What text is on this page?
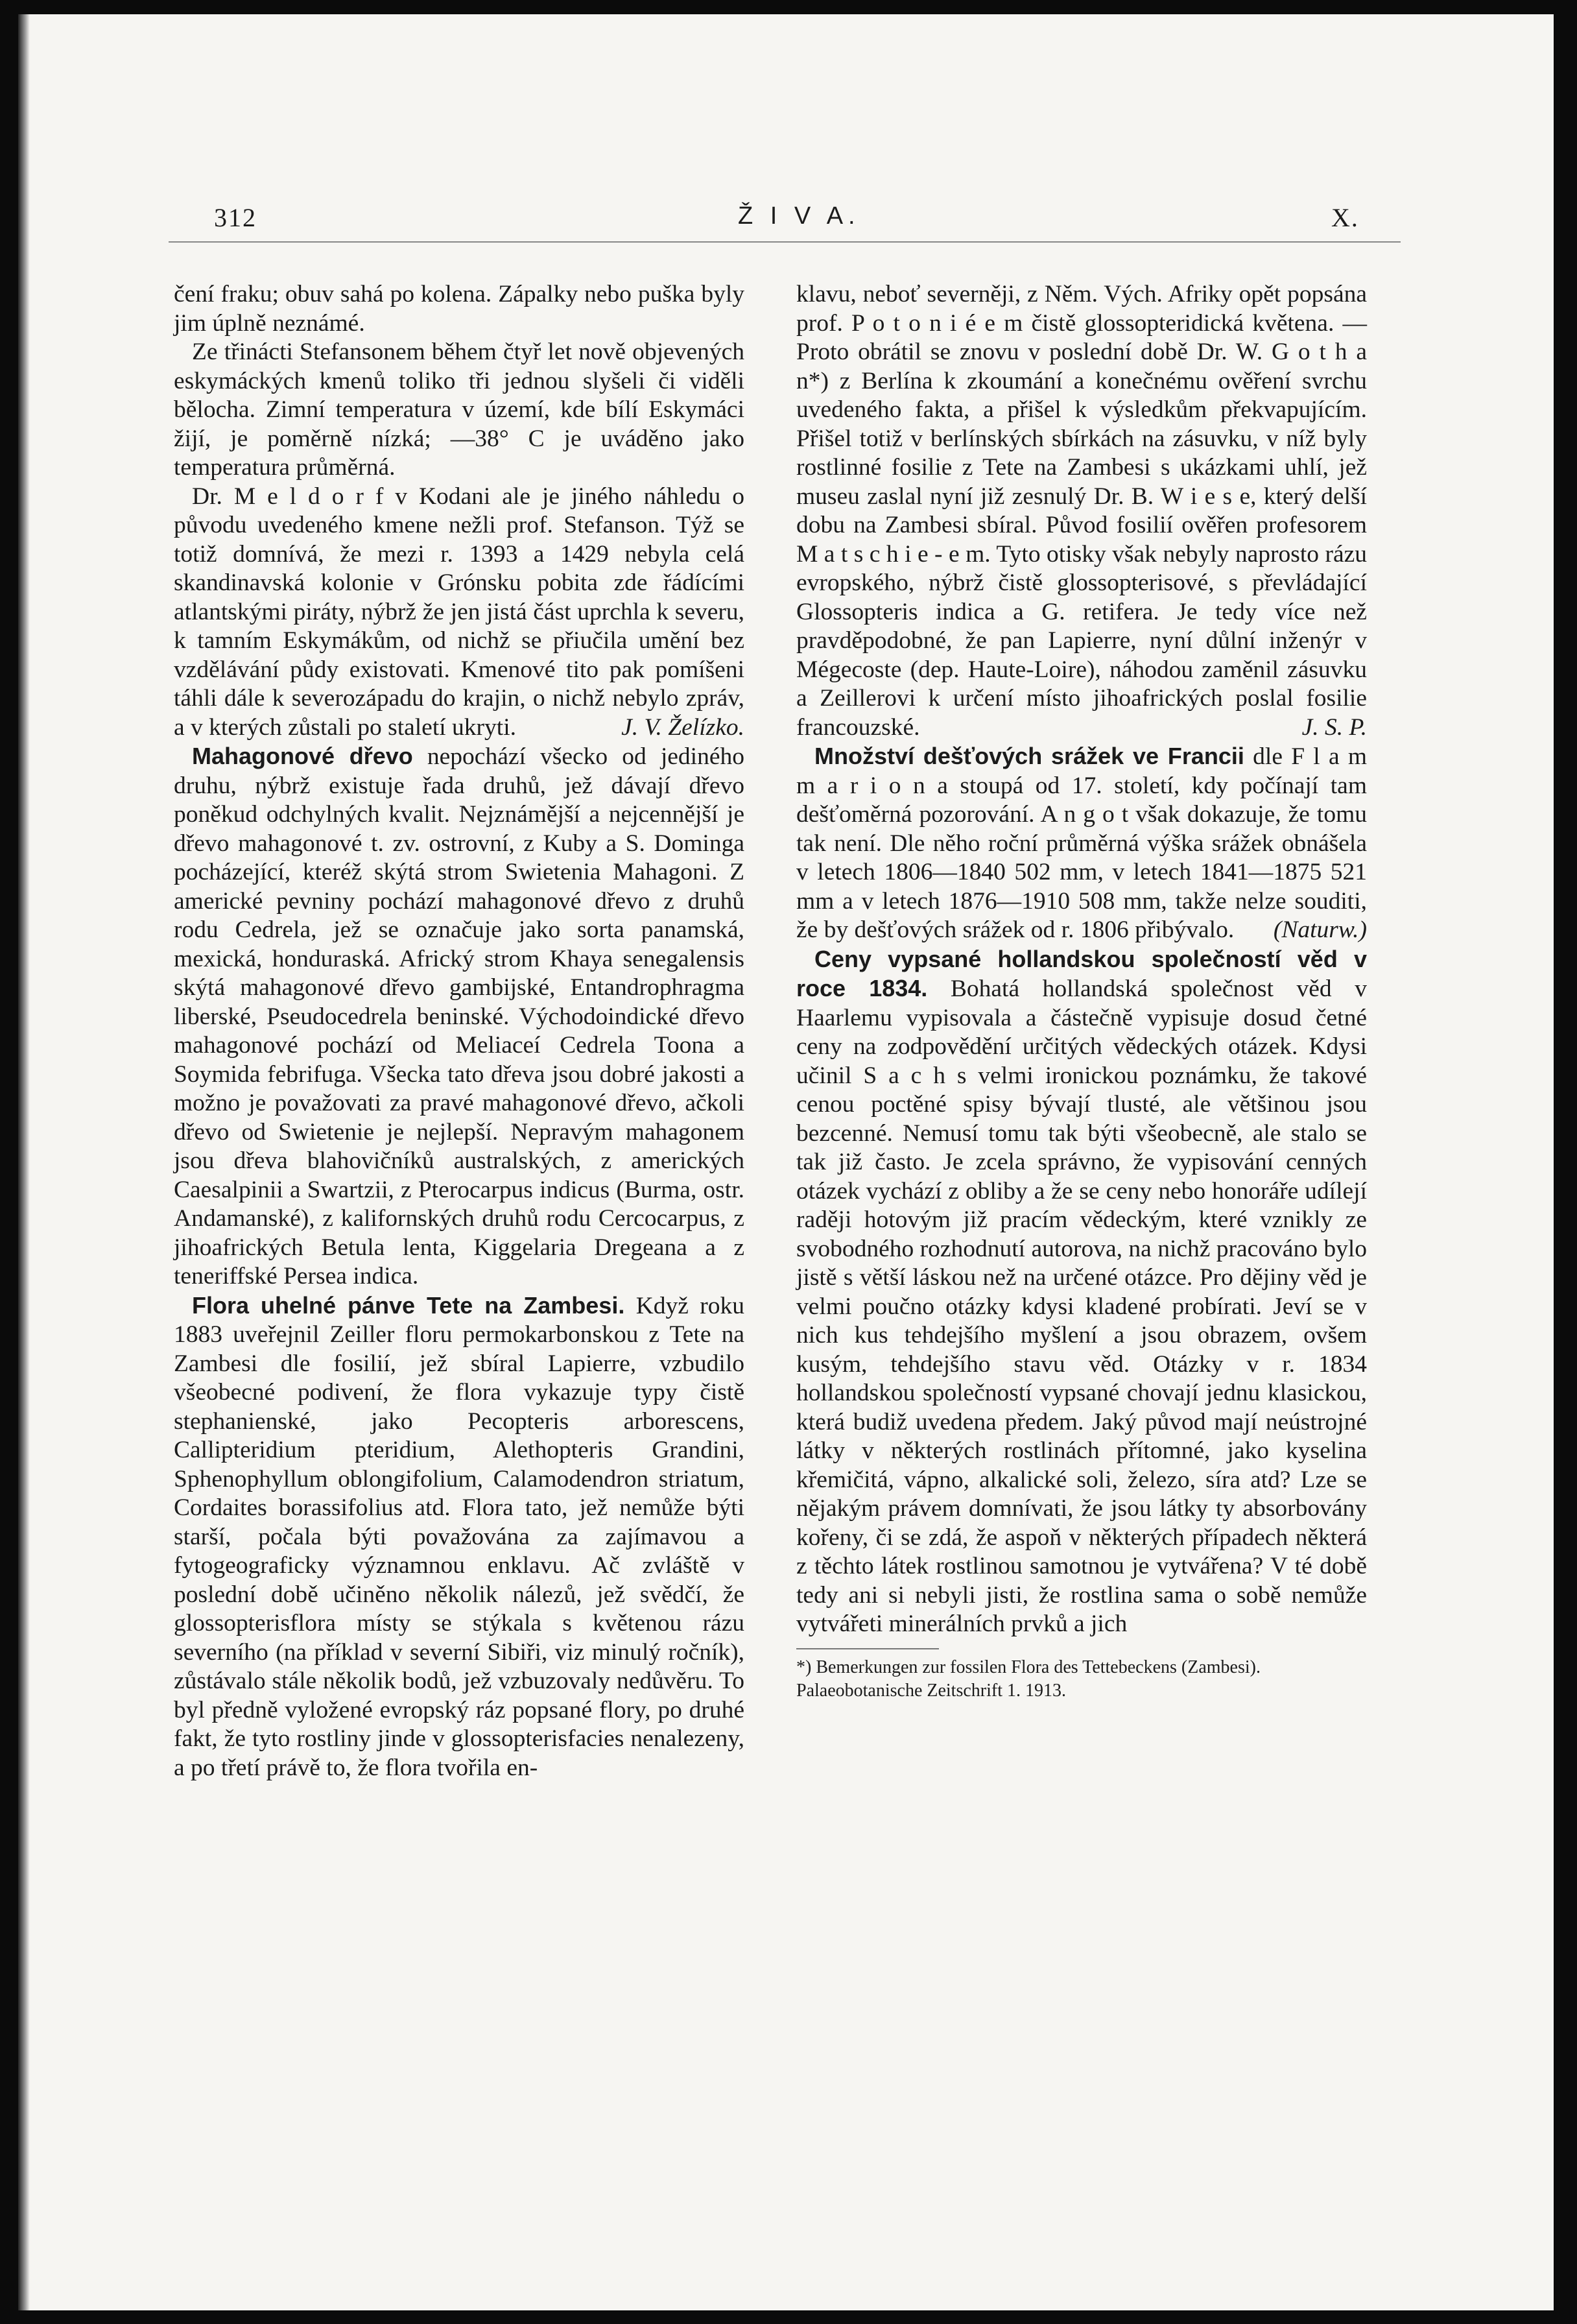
312	Ž I V A.	X.

čení fraku; obuv sahá po kolena. Zápalky nebo puška byly jim úplně neznámé.

Ze třinácti Stefansonem během čtyř let nově objevených eskymáckých kmenů toliko tři jednou slyšeli či viděli bělocha. Zimní temperatura v území, kde bílí Eskymáci žijí, je poměrně nízká; —38° C je uváděno jako temperatura průměrná.

Dr. M e l d o r f v Kodani ale je jiného náhledu o původu uvedeného kmene nežli prof. Stefanson. Týž se totiž domnívá, že mezi r. 1393 a 1429 nebyla celá skandinavská kolonie v Grónsku pobita zde řádícími atlantskými piráty, nýbrž že jen jistá část uprchla k severu, k tamním Eskymákům, od nichž se přiučila umění bez vzdělávání půdy existovati. Kmenové tito pak pomíšeni táhli dále k severozápadu do krajin, o nichž nebylo zpráv, a v kterých zůstali po staletí ukryti.	J. V. Želízko.

Mahagonové dřevo nepochází všecko od jediného druhu, nýbrž existuje řada druhů, jež dávají dřevo poněkud odchylných kvalit. Nejznámější a nejcennější je dřevo mahagonové t. zv. ostrovní, z Kuby a S. Dominga pocházející, kteréž skýtá strom Swietenia Mahagoni. Z americké pevniny pochází mahagonové dřevo z druhů rodu Cedrela, jež se označuje jako sorta panamská, mexická, honduraská. Africký strom Khaya senegalensis skýtá mahagonové dřevo gambijské, Entandrophragma liberské, Pseudocedrela beninské. Východoindické dřevo mahagonové pochází od Meliaceí Cedrela Toona a Soymida febrifuga. Všecka tato dřeva jsou dobré jakosti a možno je považovati za pravé mahagonové dřevo, ačkoli dřevo od Swietenie je nejlepší. Nepravým mahagonem jsou dřeva blahovičníků australských, z amerických Caesalpinii a Swartzii, z Pterocarpus indicus (Burma, ostr. Andamanské), z kalifornských druhů rodu Cercocarpus, z jihoafrických Betula lenta, Kiggelaria Dregeana a z teneriffské Persea indica.

Flora uhelné pánve Tete na Zambesi. Když roku 1883 uveřejnil Zeiller floru permokarbonskou z Tete na Zambesi dle fosilií, jež sbíral Lapierre, vzbudilo všeobecné podivení, že flora vykazuje typy čistě stephanienské, jako Pecopteris arborescens, Callipteridium pteridium, Alethopteris Grandini, Sphenophyllum oblongifolium, Calamodendron striatum, Cordaites borassifolius atd. Flora tato, jež nemůže býti starší, počala býti považována za zajímavou a fytogeograficky významnou enklavu. Ač zvláště v poslední době učiněno několik nálezů, jež svědčí, že glossopterisflora místy se stýkala s květenou rázu severního (na příklad v severní Sibiři, viz minulý ročník), zůstávalo stále několik bodů, jež vzbuzovaly nedůvěru. To byl předně vyložené evropský ráz popsané flory, po druhé fakt, že tyto rostliny jinde v glossopterisfacies nenalezeny, a po třetí právě to, že flora tvořila en-

klavu, neboť severněji, z Něm. Vých. Afriky opět popsána prof. P o t o n i é e m čistě glossopteridická květena. — Proto obrátil se znovu v poslední době Dr. W. G o t h a n*) z Berlína k zkoumání a konečnému ověření svrchu uvedeného fakta, a přišel k výsledkům překvapujícím. Přišel totiž v berlínských sbírkách na zásuvku, v níž byly rostlinné fosilie z Tete na Zambesi s ukázkami uhlí, jež museu zaslal nyní již zesnulý Dr. B. W i e s e, který delší dobu na Zambesi sbíral. Původ fosilií ověřen profesorem M a t s c h i e - e m. Tyto otisky však nebyly naprosto rázu evropského, nýbrž čistě glossopterisové, s převládající Glossopteris indica a G. retifera. Je tedy více než pravděpodobné, že pan Lapierre, nyní důlní inženýr v Mégecoste (dep. Haute-Loire), náhodou zaměnil zásuvku a Zeillerovi k určení místo jihoafrických poslal fosilie francouzské.	J. S. P.

Množství dešťových srážek ve Francii dle F l a m m a r i o n a stoupá od 17. století, kdy počínají tam dešťoměrná pozorování. A n g o t však dokazuje, že tomu tak není. Dle něho roční průměrná výška srážek obnášela v letech 1806—1840 502 mm, v letech 1841—1875 521 mm a v letech 1876—1910 508 mm, takže nelze souditi, že by dešťových srážek od r. 1806 přibývalo.	(Naturw.)

Ceny vypsané hollandskou společností věd v roce 1834. Bohatá hollandská společnost věd v Haarlemu vypisovala a částečně vypisuje dosud četné ceny na zodpovědění určitých vědeckých otázek. Kdysi učinil S a c h s velmi ironickou poznámku, že takové cenou poctěné spisy bývají tlusté, ale většinou jsou bezcenné. Nemusí tomu tak býti všeobecně, ale stalo se tak již často. Je zcela správno, že vypisování cenných otázek vychází z obliby a že se ceny nebo honoráře udílejí raději hotovým již pracím vědeckým, které vznikly ze svobodného rozhodnutí autorova, na nichž pracováno bylo jistě s větší láskou než na určené otázce. Pro dějiny věd je velmi poučno otázky kdysi kladené probírati. Jeví se v nich kus tehdejšího myšlení a jsou obrazem, ovšem kusým, tehdejšího stavu věd. Otázky v r. 1834 hollandskou společností vypsané chovají jednu klasickou, která budiž uvedena předem. Jaký původ mají neústrojné látky v některých rostlinách přítomné, jako kyselina křemičitá, vápno, alkalické soli, železo, síra atd? Lze se nějakým právem domnívati, že jsou látky ty absorbovány kořeny, či se zdá, že aspoň v některých případech některá z těchto látek rostlinou samotnou je vytvářena? V té době tedy ani si nebyli jisti, že rostlina sama o sobě nemůže vytvářeti minerálních prvků a jich

*) Bemerkungen zur fossilen Flora des Tettebeckens (Zambesi). Palaeobotanische Zeitschrift 1. 1913.
